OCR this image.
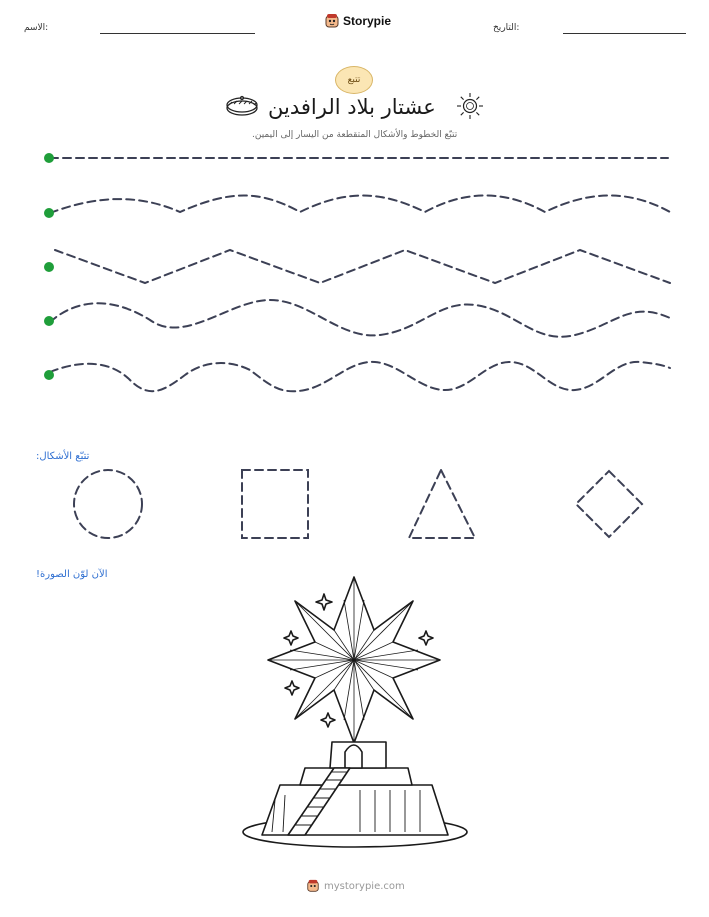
الاسم:	Storypie	التاريخ:
تتبع
عشتار بلاد الرافدين
تتبّع الخطوط والأشكال المتقطعة من اليسار إلى اليمين.
تتبّع الأشكال:
الآن لوّن الصورة!
mystorypie.com
